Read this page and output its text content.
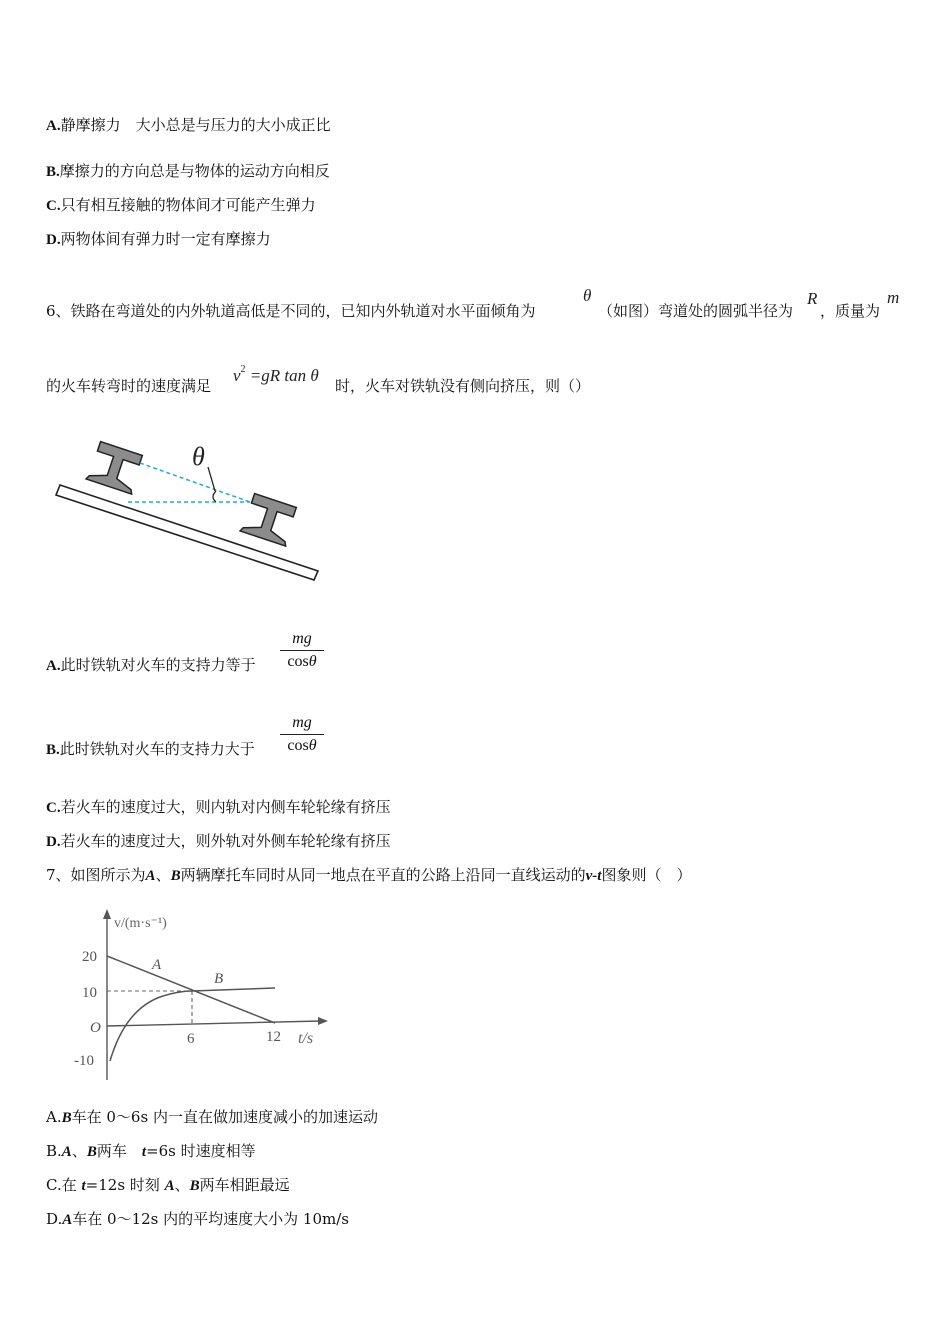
A.静摩擦力　大小总是与压力的大小成正比
B.摩擦力的方向总是与物体的运动方向相反
C.只有相互接触的物体间才可能产生弹力
D.两物体间有弹力时一定有摩擦力
6、铁路在弯道处的内外轨道高低是不同的，已知内外轨道对水平面倾角为
θ
（如图）弯道处的圆弧半径为
R
，质量为
m
的火车转弯时的速度满足
$v^2 =gR$ tan θ
时，火车对铁轨没有侧向挤压，则（）
θ
A.此时铁轨对火车的支持力等于 $\frac{mg}{\cos\theta}$
B.此时铁轨对火车的支持力大于 $\frac{mg}{\cos\theta}$
C.若火车的速度过大，则内轨对内侧车轮轮缘有挤压
D.若火车的速度过大，则外轨对外侧车轮轮缘有挤压
7、如图所示为A、B两辆摩托车同时从同一地点在平直的公路上沿同一直线运动的v-t图象则（　）
v/(m·s⁻¹)
t/s
20
10
O
-10
6	12
A
B
A.B车在 0～6s 内一直在做加速度减小的加速运动
B.A、B两车　t=6s 时速度相等
C.在 t=12s 时刻 A、B两车相距最远
D.A车在 0～12s 内的平均速度大小为 10m/s
